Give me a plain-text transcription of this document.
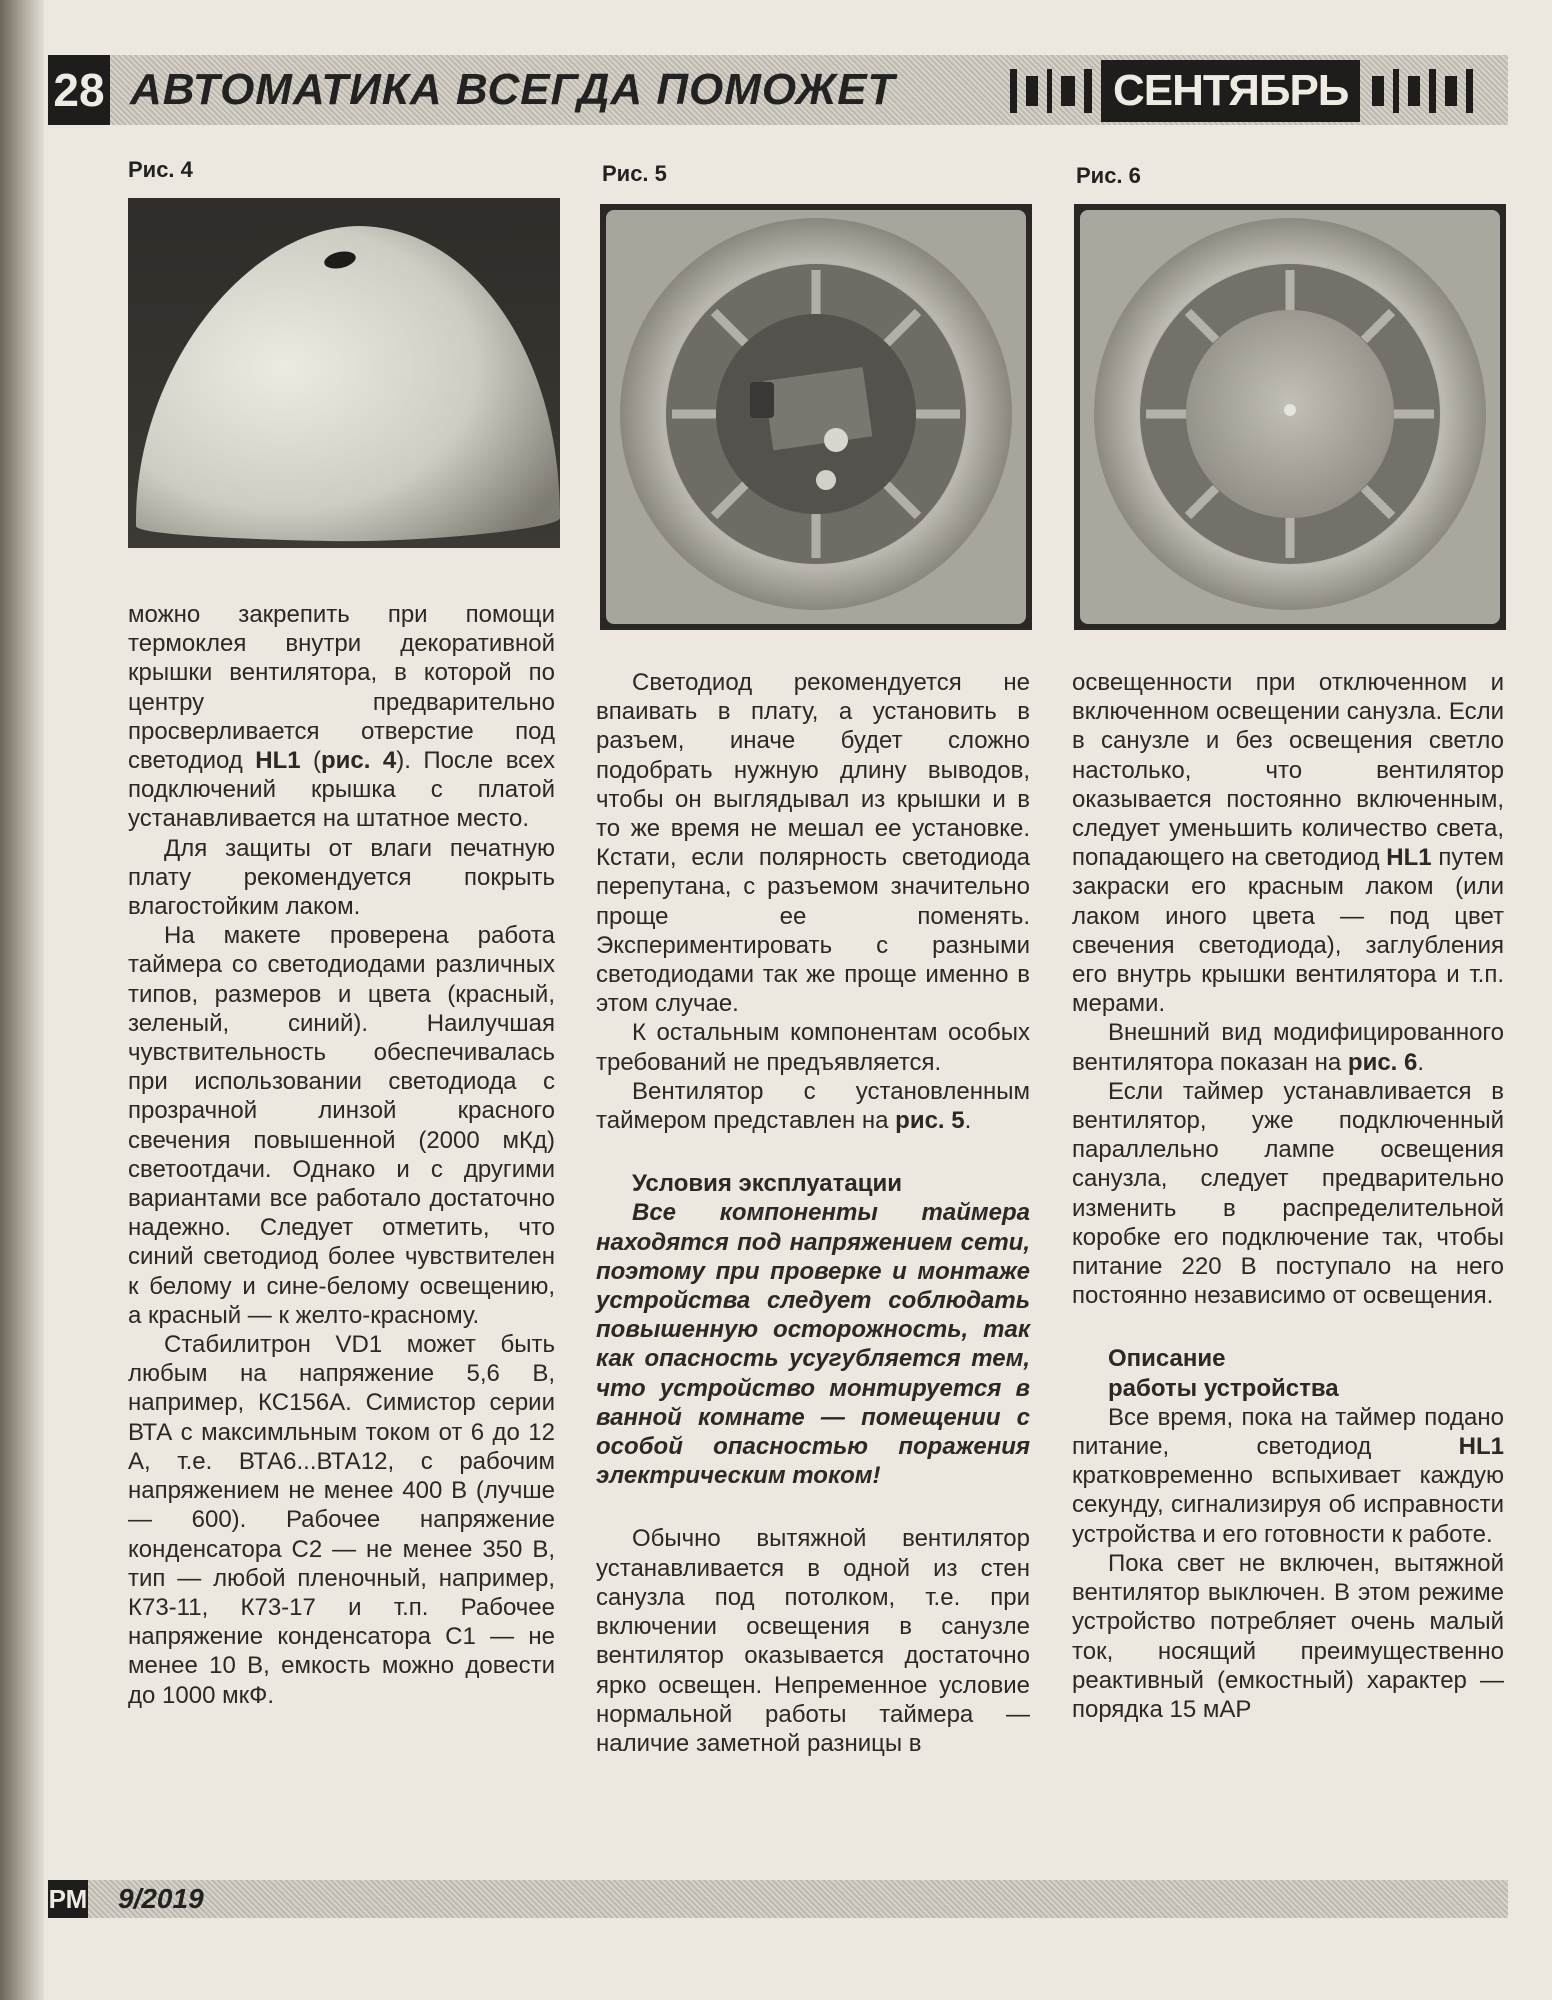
28 АВТОМАТИКА ВСЕГДА ПОМОЖЕТ	СЕНТЯБРЬ
Рис. 4	Рис. 5	Рис. 6

можно закрепить при помощи термоклея внутри декоративной крышки вентилятора, в которой по центру предварительно просверливается отверстие под светодиод HL1 (рис. 4). После всех подключений крышка с платой устанавливается на штатное место.

Для защиты от влаги печатную плату рекомендуется покрыть влагостойким лаком.

На макете проверена работа таймера со светодиодами различных типов, размеров и цвета (красный, зеленый, синий). Наилучшая чувствительность обеспечивалась при использовании светодиода с прозрачной линзой красного свечения повышенной (2000 мКд) светоотдачи. Однако и с другими вариантами все работало достаточно надежно. Следует отметить, что синий светодиод более чувствителен к белому и сине-белому освещению, а красный — к желто-красному.

Стабилитрон VD1 может быть любым на напряжение 5,6 В, например, КС156А. Симистор серии ВТА с максимльным током от 6 до 12 А, т.е. ВТА6...ВТА12, с рабочим напряжением не менее 400 В (лучше — 600). Рабочее напряжение конденсатора С2 — не менее 350 В, тип — любой пленочный, например, К73-11, К73-17 и т.п. Рабочее напряжение конденсатора С1 — не менее 10 В, емкость можно довести до 1000 мкФ.

Светодиод рекомендуется не впаивать в плату, а установить в разъем, иначе будет сложно подобрать нужную длину выводов, чтобы он выглядывал из крышки и в то же время не мешал ее установке. Кстати, если полярность светодиода перепутана, с разъемом значительно проще ее поменять. Экспериментировать с разными светодиодами так же проще именно в этом случае.

К остальным компонентам особых требований не предъявляется.

Вентилятор с установленным таймером представлен на рис. 5.

Условия эксплуатации

Все компоненты таймера находятся под напряжением сети, поэтому при проверке и монтаже устройства следует соблюдать повышенную осторожность, так как опасность усугубляется тем, что устройство монтируется в ванной комнате — помещении с особой опасностью поражения электрическим током!

Обычно вытяжной вентилятор устанавливается в одной из стен санузла под потолком, т.е. при включении освещения в санузле вентилятор оказывается достаточно ярко освещен. Непременное условие нормальной работы таймера — наличие заметной разницы в

освещенности при отключенном и включенном освещении санузла. Если в санузле и без освещения светло настолько, что вентилятор оказывается постоянно включенным, следует уменьшить количество света, попадающего на светодиод HL1 путем закраски его красным лаком (или лаком иного цвета — под цвет свечения светодиода), заглубления его внутрь крышки вентилятора и т.п. мерами.

Внешний вид модифицированного вентилятора показан на рис. 6.

Если таймер устанавливается в вентилятор, уже подключенный параллельно лампе освещения санузла, следует предварительно изменить в распределительной коробке его подключение так, чтобы питание 220 В поступало на него постоянно независимо от освещения.

Описание

работы устройства

Все время, пока на таймер подано питание, светодиод HL1 кратковременно вспыхивает каждую секунду, сигнализируя об исправности устройства и его готовности к работе.

Пока свет не включен, вытяжной вентилятор выключен. В этом режиме устройство потребляет очень малый ток, носящий преимущественно реактивный (емкостный) характер — порядка 15 мАР

РМ 9/2019
